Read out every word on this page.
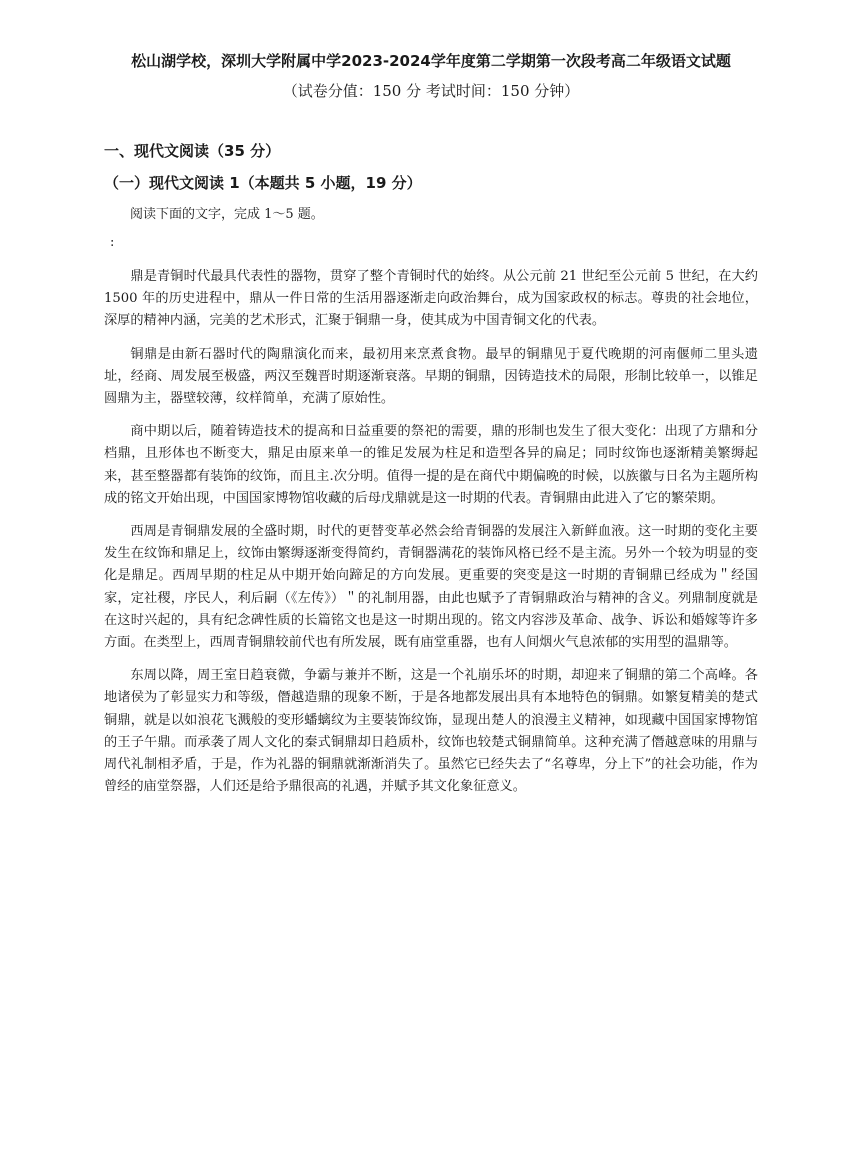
松山湖学校，深圳大学附属中学2023-2024学年度第二学期第一次段考高二年级语文试题

（试卷分值：150 分 考试时间：150 分钟）

一、现代文阅读（35 分）
（一）现代文阅读 1（本题共 5 小题，19 分）

阅读下面的文字，完成 1～5 题。

:

鼎是青铜时代最具代表性的器物，贯穿了整个青铜时代的始终。从公元前 21 世纪至公元前 5 世纪，在大约 1500 年的历史进程中，鼎从一件日常的生活用器逐渐走向政治舞台，成为国家政权的标志。尊贵的社会地位，深厚的精神内涵，完美的艺术形式，汇聚于铜鼎一身，使其成为中国青铜文化的代表。

铜鼎是由新石器时代的陶鼎演化而来，最初用来烹煮食物。最早的铜鼎见于夏代晚期的河南偃师二里头遗址，经商、周发展至极盛，两汉至魏晋时期逐渐衰落。早期的铜鼎，因铸造技术的局限，形制比较单一，以锥足圆鼎为主，器壁较薄，纹样简单，充满了原始性。

商中期以后，随着铸造技术的提高和日益重要的祭祀的需要，鼎的形制也发生了很大变化：出现了方鼎和分档鼎，且形体也不断变大，鼎足由原来单一的锥足发展为柱足和造型各异的扁足；同时纹饰也逐渐精美繁缛起来，甚至整器都有装饰的纹饰，而且主.次分明。值得一提的是在商代中期偏晚的时候，以族徽与日名为主题所构成的铭文开始出现，中国国家博物馆收藏的后母戊鼎就是这一时期的代表。青铜鼎由此进入了它的繁荣期。

西周是青铜鼎发展的全盛时期，时代的更替变革必然会给青铜器的发展注入新鲜血液。这一时期的变化主要发生在纹饰和鼎足上，纹饰由繁缛逐渐变得简约，青铜器满花的装饰风格已经不是主流。另外一个较为明显的变化是鼎足。西周早期的柱足从中期开始向蹄足的方向发展。更重要的突变是这一时期的青铜鼎已经成为＂经国家，定社稷，序民人，利后嗣（《左传》）＂的礼制用器，由此也赋予了青铜鼎政治与精神的含义。列鼎制度就是在这时兴起的，具有纪念碑性质的长篇铭文也是这一时期出现的。铭文内容涉及革命、战争、诉讼和婚嫁等许多方面。在类型上，西周青铜鼎较前代也有所发展，既有庙堂重器，也有人间烟火气息浓郁的实用型的温鼎等。

东周以降，周王室日趋衰微，争霸与兼并不断，这是一个礼崩乐坏的时期，却迎来了铜鼎的第二个高峰。各地诸侯为了彰显实力和等级，僭越造鼎的现象不断，于是各地都发展出具有本地特色的铜鼎。如繁复精美的楚式铜鼎，就是以如浪花飞溅般的变形蟠螭纹为主要装饰纹饰，显现出楚人的浪漫主义精神，如现藏中国国家博物馆的王子午鼎。而承袭了周人文化的秦式铜鼎却日趋质朴，纹饰也较楚式铜鼎简单。这种充满了僭越意味的用鼎与周代礼制相矛盾，于是，作为礼器的铜鼎就渐渐消失了。虽然它已经失去了“名尊卑，分上下”的社会功能，作为曾经的庙堂祭器，人们还是给予鼎很高的礼遇，并赋予其文化象征意义。
